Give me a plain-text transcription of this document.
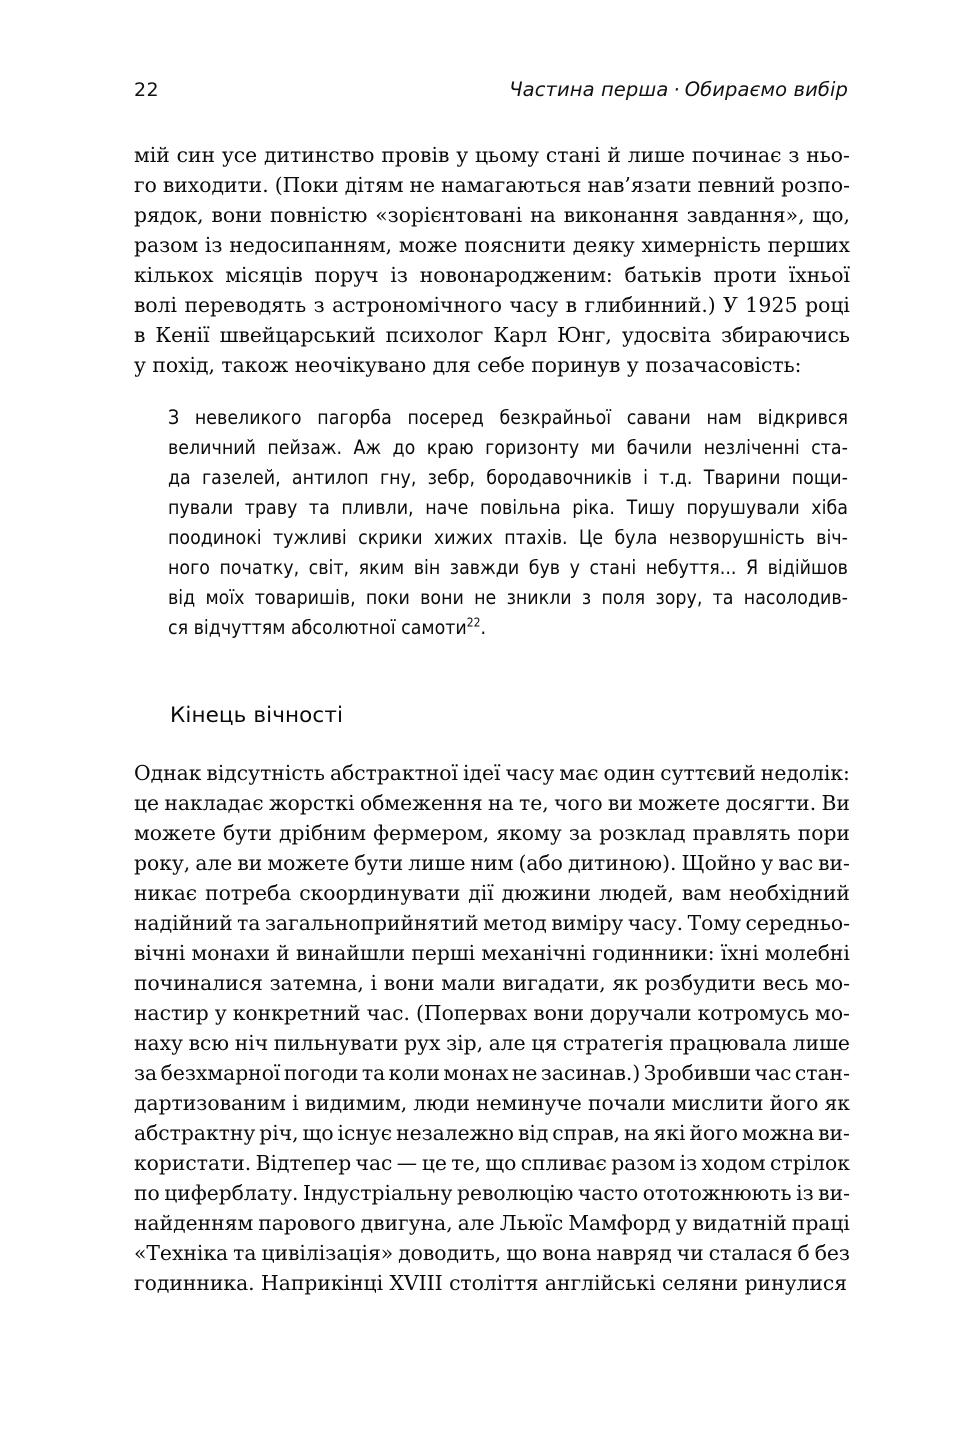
22	Частина перша · Обираємо вибір
мій син усе дитинство провів у цьому стані й лише починає з ньо-
го виходити. (Поки дітям не намагаються нав’язати певний розпо-
рядок, вони повністю «зорієнтовані на виконання завдання», що,
разом із недосипанням, може пояснити деяку химерність перших
кількох місяців поруч із новонародженим: батьків проти їхньої
волі переводять з астрономічного часу в глибинний.) У 1925 році
в Кенії швейцарський психолог Карл Юнг, удосвіта збираючись
у похід, також неочікувано для себе поринув у позачасовість:
З невеликого пагорба посеред безкрайньої савани нам відкрився
величний пейзаж. Аж до краю горизонту ми бачили незліченні ста-
да газелей, антилоп гну, зебр, бородавочників і т.д. Тварини пощи-
пували траву та пливли, наче повільна ріка. Тишу порушували хіба
поодинокі тужливі скрики хижих птахів. Це була незворушність віч-
ного початку, світ, яким він завжди був у стані небуття... Я відійшов
від моїх товаришів, поки вони не зникли з поля зору, та насолодив-
ся відчуттям абсолютної самоти$^{22}$.
Кінець вічності
Однак відсутність абстрактної ідеї часу має один суттєвий недолік:
це накладає жорсткі обмеження на те, чого ви можете досягти. Ви
можете бути дрібним фермером, якому за розклад правлять пори
року, але ви можете бути лише ним (або дитиною). Щойно у вас ви-
никає потреба скоординувати дії дюжини людей, вам необхідний
надійний та загальноприйнятий метод виміру часу. Тому середньо-
вічні монахи й винайшли перші механічні годинники: їхні молебні
починалися затемна, і вони мали вигадати, як розбудити весь мо-
настир у конкретний час. (Попервах вони доручали котромусь мо-
наху всю ніч пильнувати рух зір, але ця стратегія працювала лише
за безхмарної погоди та коли монах не засинав.) Зробивши час стан-
дартизованим і видимим, люди неминуче почали мислити його як
абстрактну річ, що існує незалежно від справ, на які його можна ви-
користати. Відтепер час — це те, що спливає разом із ходом стрілок
по циферблату. Індустріальну революцію часто ототожнюють із ви-
найденням парового двигуна, але Льюїс Мамфорд у видатній праці
«Техніка та цивілізація» доводить, що вона навряд чи сталася б без
годинника. Наприкінці XVIII століття англійські селяни ринулися
